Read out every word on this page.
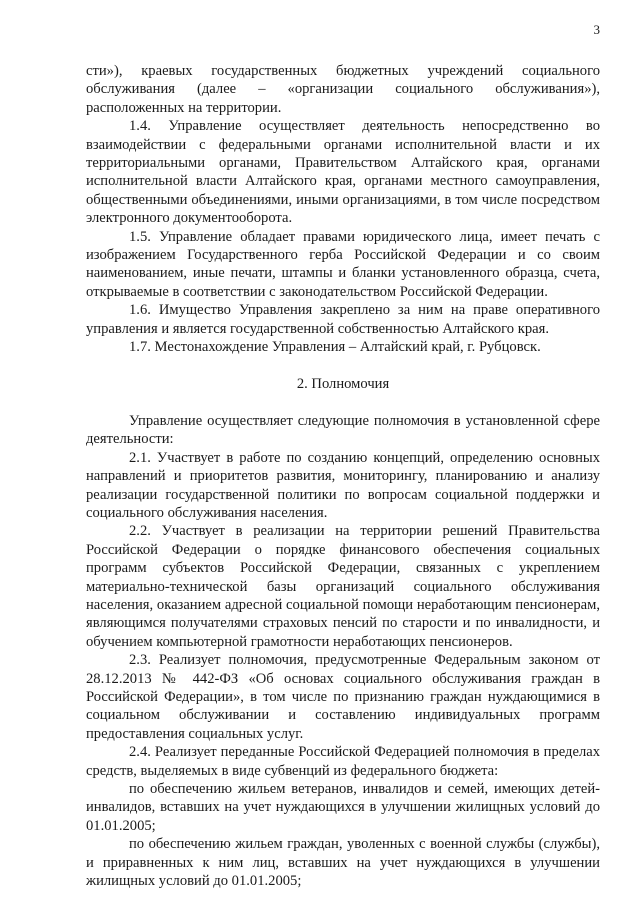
3

сти»), краевых государственных бюджетных учреждений социального обслуживания (далее – «организации социального обслуживания»), расположенных на территории.

1.4. Управление осуществляет деятельность непосредственно во взаимодействии с федеральными органами исполнительной власти и их территориальными органами, Правительством Алтайского края, органами исполнительной власти Алтайского края, органами местного самоуправления, общественными объединениями, иными организациями, в том числе посредством электронного документооборота.

1.5. Управление обладает правами юридического лица, имеет печать с изображением Государственного герба Российской Федерации и со своим наименованием, иные печати, штампы и бланки установленного образца, счета, открываемые в соответствии с законодательством Российской Федерации.

1.6. Имущество Управления закреплено за ним на праве оперативного управления и является государственной собственностью Алтайского края.

1.7. Местонахождение Управления – Алтайский край, г. Рубцовск.

2. Полномочия

Управление осуществляет следующие полномочия в установленной сфере деятельности:

2.1. Участвует в работе по созданию концепций, определению основных направлений и приоритетов развития, мониторингу, планированию и анализу реализации государственной политики по вопросам социальной поддержки и социального обслуживания населения.

2.2. Участвует в реализации на территории решений Правительства Российской Федерации о порядке финансового обеспечения социальных программ субъектов Российской Федерации, связанных с укреплением материально-технической базы организаций социального обслуживания населения, оказанием адресной социальной помощи неработающим пенсионерам, являющимся получателями страховых пенсий по старости и по инвалидности, и обучением компьютерной грамотности неработающих пенсионеров.

2.3. Реализует полномочия, предусмотренные Федеральным законом от 28.12.2013 № 442-ФЗ «Об основах социального обслуживания граждан в Российской Федерации», в том числе по признанию граждан нуждающимися в социальном обслуживании и составлению индивидуальных программ предоставления социальных услуг.

2.4. Реализует переданные Российской Федерацией полномочия в пределах средств, выделяемых в виде субвенций из федерального бюджета:

по обеспечению жильем ветеранов, инвалидов и семей, имеющих детей-инвалидов, вставших на учет нуждающихся в улучшении жилищных условий до 01.01.2005;

по обеспечению жильем граждан, уволенных с военной службы (службы), и приравненных к ним лиц, вставших на учет нуждающихся в улучшении жилищных условий до 01.01.2005;
